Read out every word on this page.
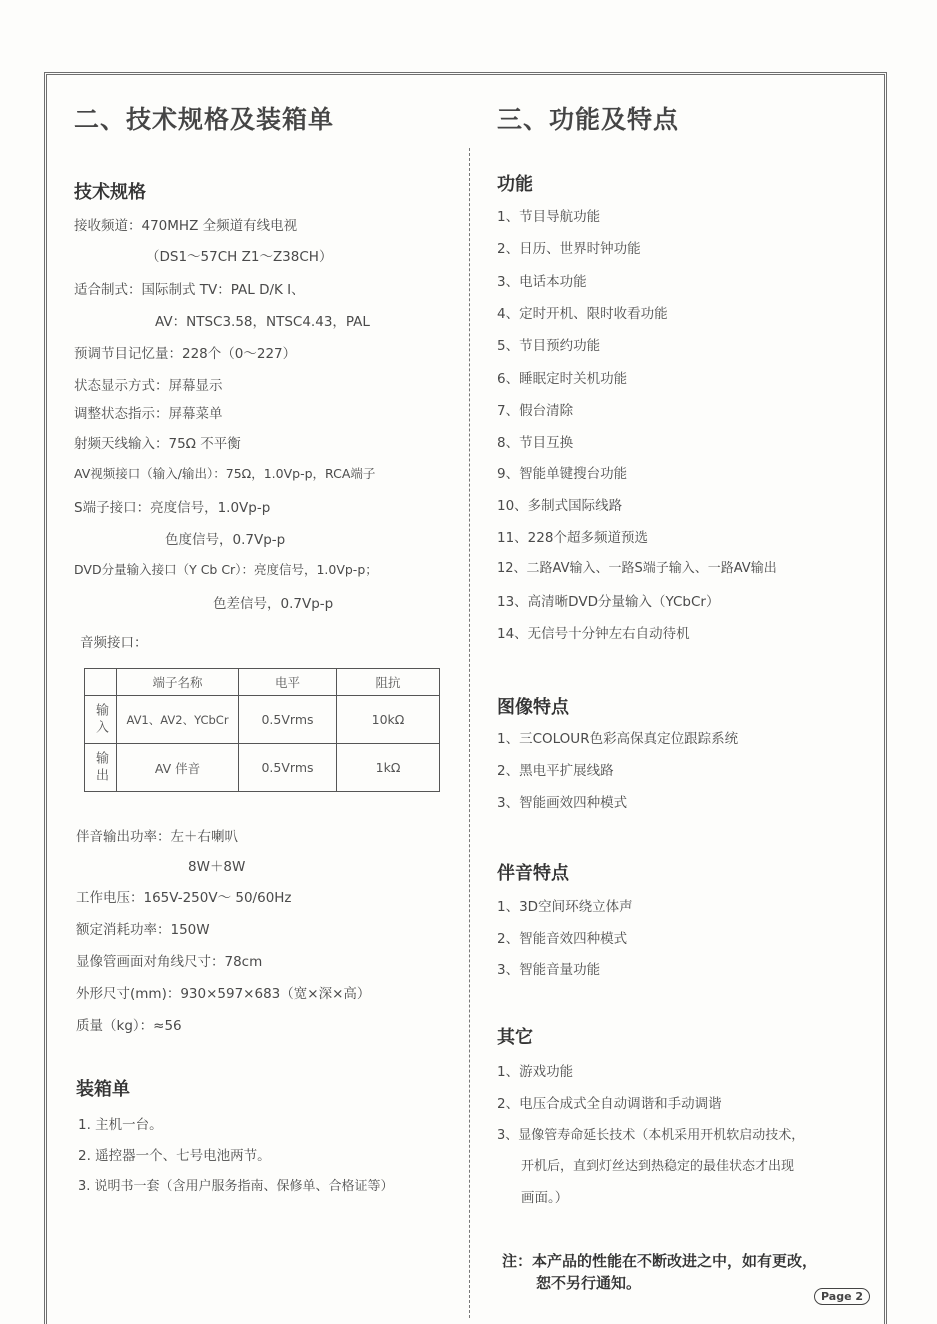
二、技术规格及装箱单
技术规格
接收频道：470MHZ 全频道有线电视
（DS1～57CH Z1～Z38CH）
适合制式：国际制式 TV：PAL D/K I、
AV：NTSC3.58，NTSC4.43，PAL
预调节目记忆量：228个（0～227）
状态显示方式：屏幕显示
调整状态指示：屏幕菜单
射频天线输入：75Ω 不平衡
AV视频接口（输入/输出）：75Ω，1.0Vp-p，RCA端子
S端子接口：亮度信号，1.0Vp-p
色度信号，0.7Vp-p
DVD分量输入接口（Y Cb Cr）：亮度信号，1.0Vp-p；
色差信号，0.7Vp-p
音频接口：
	端子名称	电平	阻抗
输入	AV1、AV2、YCbCr	0.5Vrms	10kΩ
输出	AV 伴音	0.5Vrms	1kΩ
伴音输出功率：左＋右喇叭
8W＋8W
工作电压：165V-250V～ 50/60Hz
额定消耗功率：150W
显像管画面对角线尺寸：78cm
外形尺寸(mm)：930×597×683（宽×深×高）
质量（kg）：≈56
装箱单
1. 主机一台。
2. 遥控器一个、七号电池两节。
3. 说明书一套（含用户服务指南、保修单、合格证等）
三、功能及特点
功能
1、节目导航功能
2、日历、世界时钟功能
3、电话本功能
4、定时开机、限时收看功能
5、节目预约功能
6、睡眠定时关机功能
7、假台清除
8、节目互换
9、智能单键搜台功能
10、多制式国际线路
11、228个超多频道预选
12、二路AV输入、一路S端子输入、一路AV输出
13、高清晰DVD分量输入（YCbCr）
14、无信号十分钟左右自动待机
图像特点
1、三COLOUR色彩高保真定位跟踪系统
2、黑电平扩展线路
3、智能画效四种模式
伴音特点
1、3D空间环绕立体声
2、智能音效四种模式
3、智能音量功能
其它
1、游戏功能
2、电压合成式全自动调谐和手动调谐
3、显像管寿命延长技术（本机采用开机软启动技术，
开机后，直到灯丝达到热稳定的最佳状态才出现
画面。）
注：本产品的性能在不断改进之中，如有更改，
恕不另行通知。
Page 2
